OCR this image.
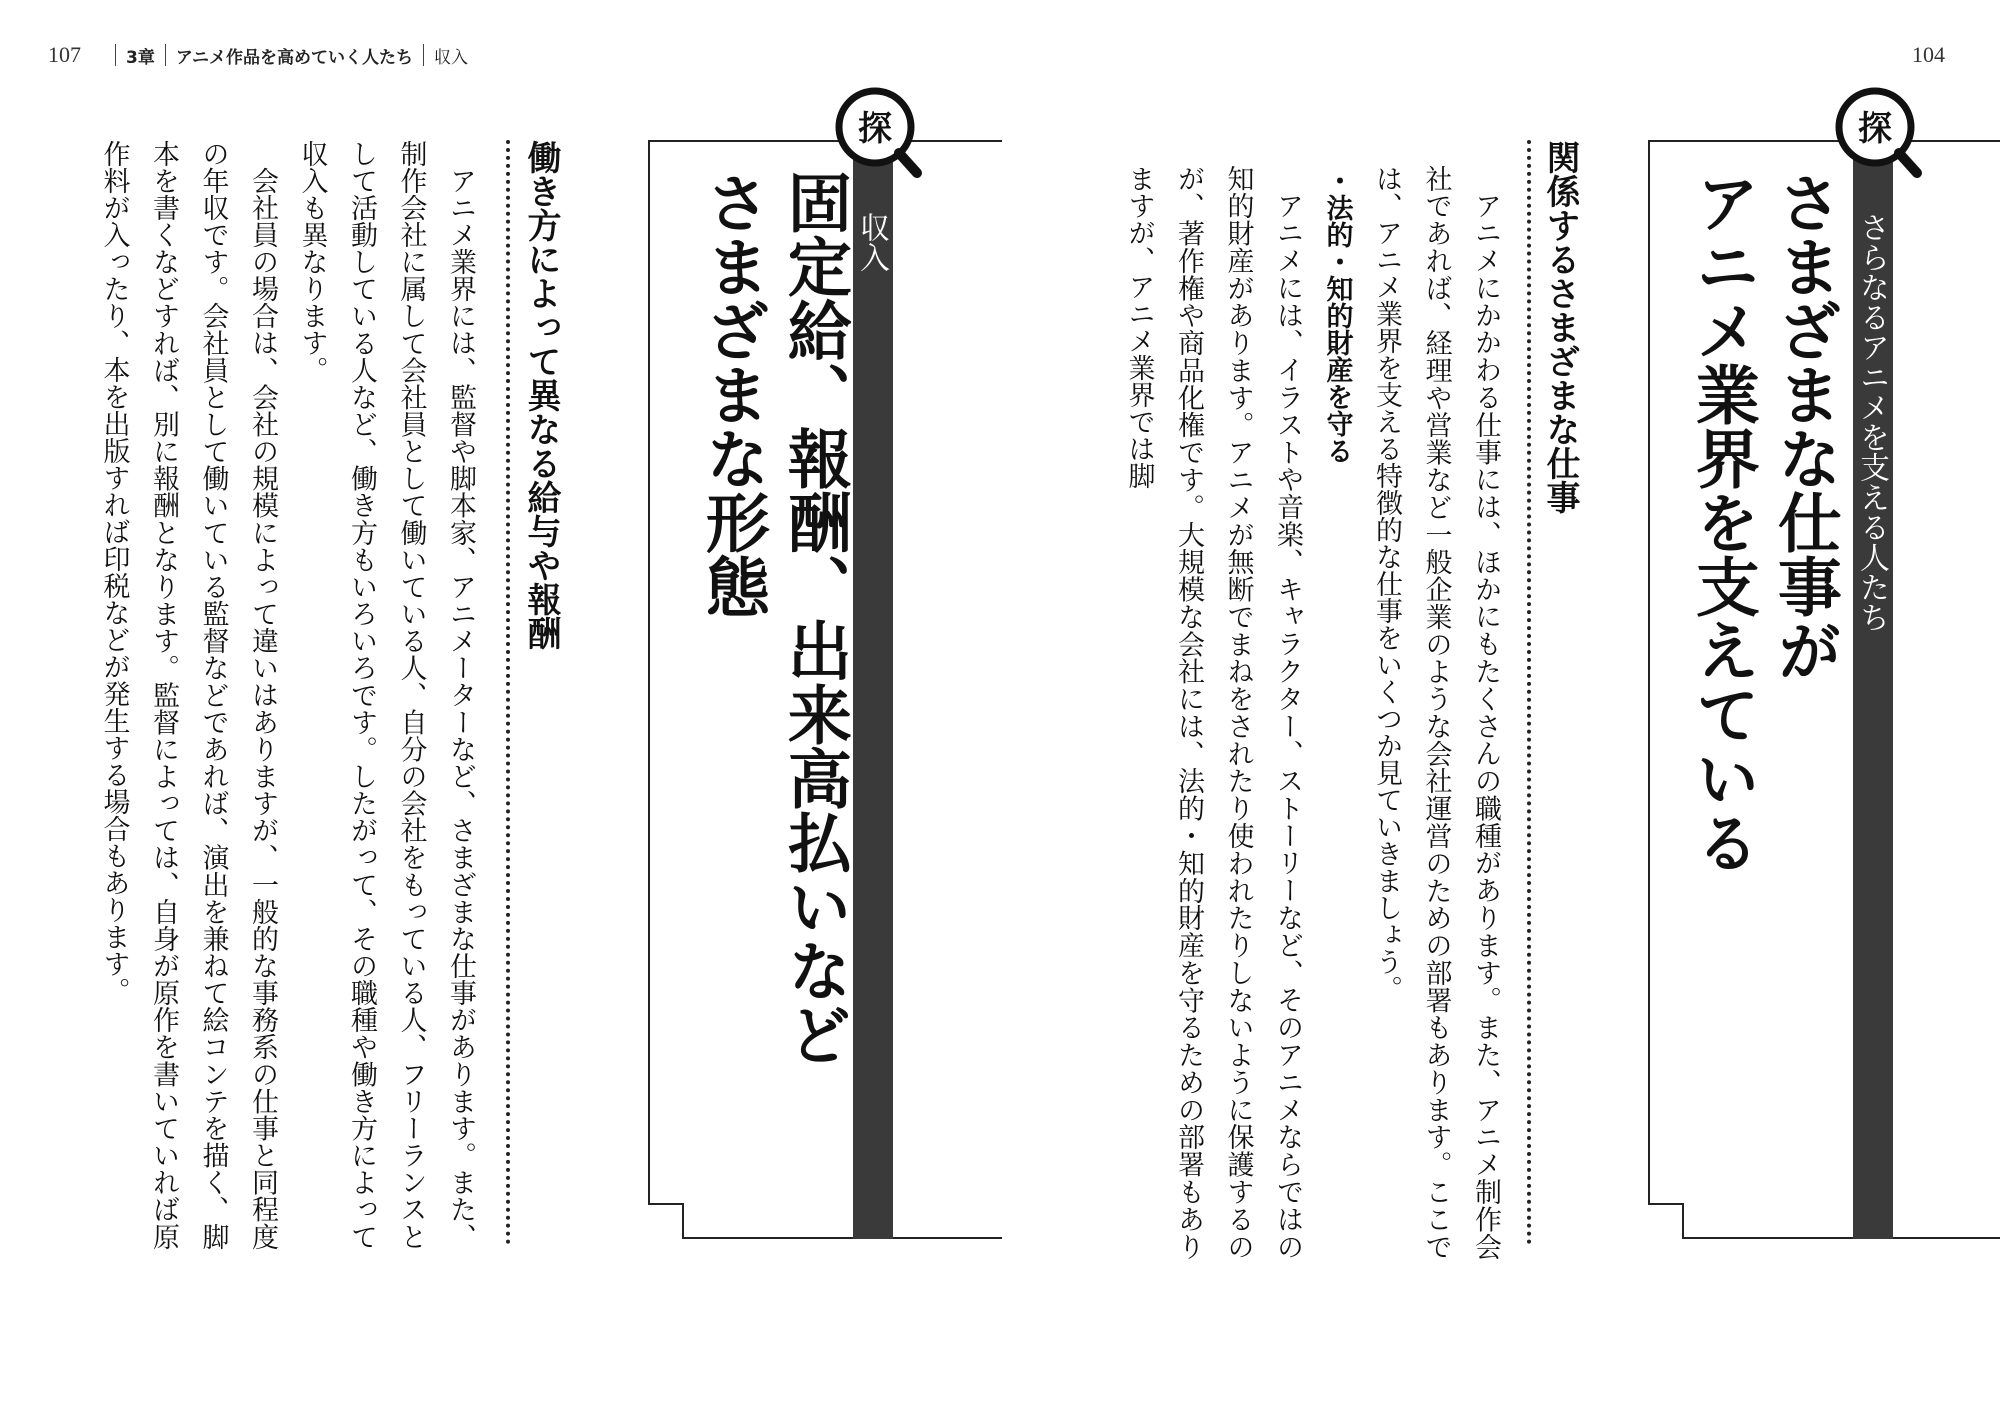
107	3章 アニメ作品を高めていく人たち 収入

アニメ業界には、監督や脚本家、アニメーターなど、さまざまな仕事があります。また、制作会社に属して会社員として働いている人、自分の会社をもっている人、フリーランスとして活動している人など、働き方もいろいろです。したがって、その職種や働き方によって収入も異なります。

会社員の場合は、会社の規模によって違いはありますが、一般的な事務系の仕事と同程度の年収です。会社員として働いている監督などであれば、演出を兼ねて絵コンテを描く、脚本を書くなどすれば、別に報酬となります。監督によっては、自身が原作を書いていれば原作料が入ったり、本を出版すれば印税などが発生する場合もあります。	働き方によって異なる給与や報酬	固定給、報酬、出来高払いなど
さまざまな形態	収入
探
104

アニメにかかわる仕事には、ほかにもたくさんの職種があります。また、アニメ制作会社であれば、経理や営業など一般企業のような会社運営のための部署もあります。ここでは、アニメ業界を支える特徴的な仕事をいくつか見ていきましょう。

・法的・知的財産を守る

アニメには、イラストや音楽、キャラクター、ストーリーなど、そのアニメならではの知的財産があります。アニメが無断でまねをされたり使われたりしないように保護するのが、著作権や商品化権です。大規模な会社には、法的・知的財産を守るための部署もありますが、アニメ業界では脚	関係するさまざまな仕事	さまざまな仕事が
アニメ業界を支えている	さらなるアニメを支える人たち
探
